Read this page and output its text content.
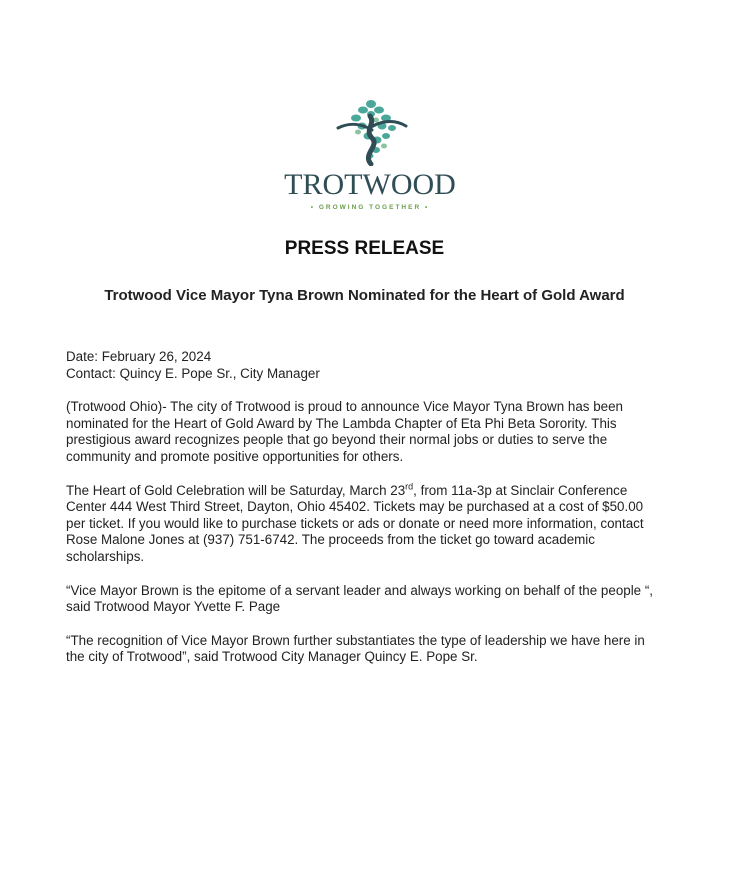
TROTWOOD
• GROWING TOGETHER •
PRESS RELEASE
Trotwood Vice Mayor Tyna Brown Nominated for the Heart of Gold Award
Date: February 26, 2024
Contact: Quincy E. Pope Sr., City Manager

(Trotwood Ohio)- The city of Trotwood is proud to announce Vice Mayor Tyna Brown has been nominated for the Heart of Gold Award by The Lambda Chapter of Eta Phi Beta Sorority. This prestigious award recognizes people that go beyond their normal jobs or duties to serve the community and promote positive opportunities for others.

The Heart of Gold Celebration will be Saturday, March 23rd, from 11a-3p at Sinclair Conference Center 444 West Third Street, Dayton, Ohio 45402. Tickets may be purchased at a cost of $50.00 per ticket. If you would like to purchase tickets or ads or donate or need more information, contact Rose Malone Jones at (937) 751-6742. The proceeds from the ticket go toward academic scholarships.

“Vice Mayor Brown is the epitome of a servant leader and always working on behalf of the people “, said Trotwood Mayor Yvette F. Page

“The recognition of Vice Mayor Brown further substantiates the type of leadership we have here in the city of Trotwood”, said Trotwood City Manager Quincy E. Pope Sr.
